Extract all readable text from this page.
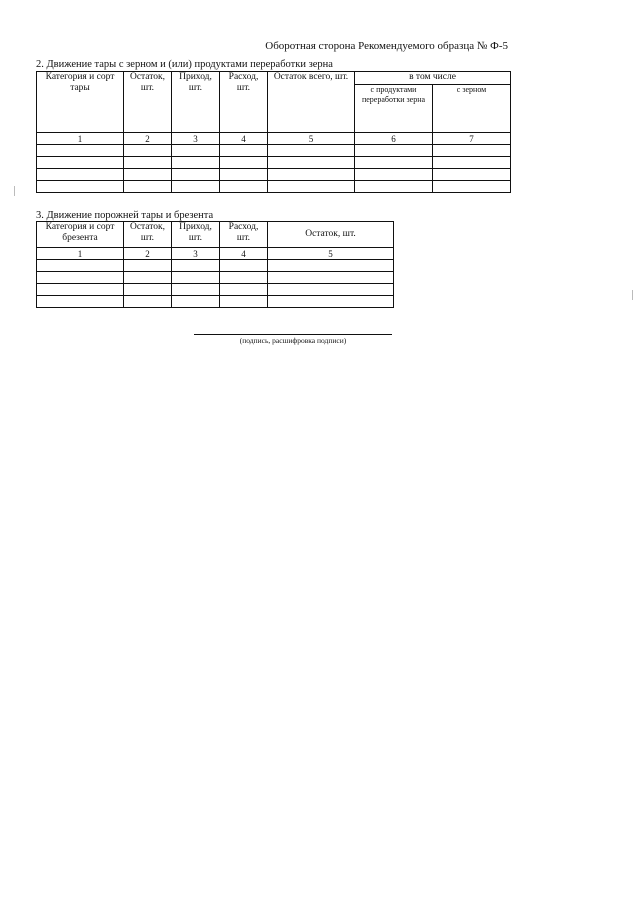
Оборотная сторона Рекомендуемого образца № Ф-5
2. Движение тары с зерном и (или) продуктами переработки зерна
Категория и сорт тары	Остаток, шт.	Приход, шт.	Расход, шт.	Остаток всего, шт.	в том числе	
					с продуктами переработки зерна	с зерном
1	2	3	4	5	6	7

3. Движение порожней тары и брезента
Категория и сорт брезента	Остаток, шт.	Приход, шт.	Расход, шт.	Остаток, шт.
1	2	3	4	5

(подпись, расшифровка подписи)
